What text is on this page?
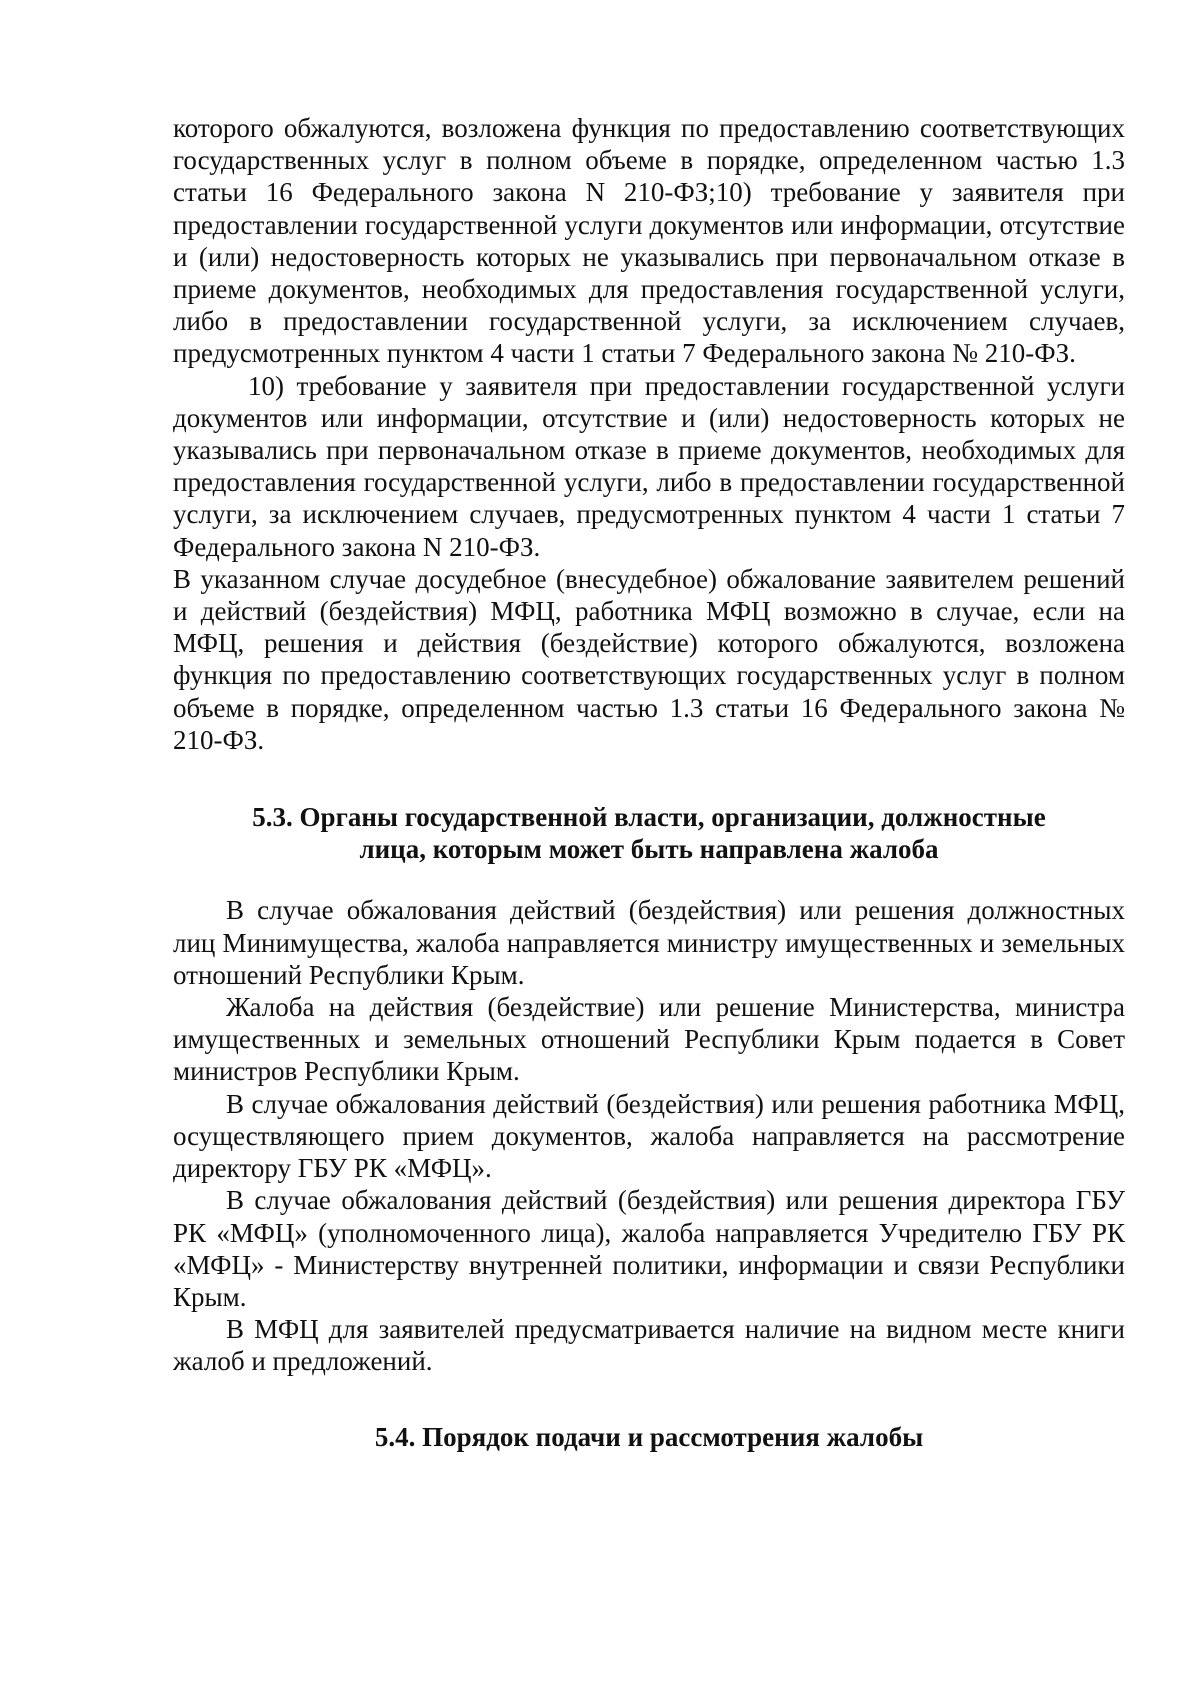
которого обжалуются, возложена функция по предоставлению соответствующих государственных услуг в полном объеме в порядке, определенном частью 1.3 статьи 16 Федерального закона N 210-ФЗ;10) требование у заявителя при предоставлении государственной услуги документов или информации, отсутствие и (или) недостоверность которых не указывались при первоначальном отказе в приеме документов, необходимых для предоставления государственной услуги, либо в предоставлении государственной услуги, за исключением случаев, предусмотренных пунктом 4 части 1 статьи 7 Федерального закона № 210-ФЗ.

10) требование у заявителя при предоставлении государственной услуги документов или информации, отсутствие и (или) недостоверность которых не указывались при первоначальном отказе в приеме документов, необходимых для предоставления государственной услуги, либо в предоставлении государственной услуги, за исключением случаев, предусмотренных пунктом 4 части 1 статьи 7 Федерального закона N 210-ФЗ.

В указанном случае досудебное (внесудебное) обжалование заявителем решений и действий (бездействия) МФЦ, работника МФЦ возможно в случае, если на МФЦ, решения и действия (бездействие) которого обжалуются, возложена функция по предоставлению соответствующих государственных услуг в полном объеме в порядке, определенном частью 1.3 статьи 16 Федерального закона № 210-ФЗ.

5.3. Органы государственной власти, организации, должностные
лица, которым может быть направлена жалоба

В случае обжалования действий (бездействия) или решения должностных лиц Минимущества, жалоба направляется министру имущественных и земельных отношений Республики Крым.

Жалоба на действия (бездействие) или решение Министерства, министра имущественных и земельных отношений Республики Крым подается в Совет министров Республики Крым.

В случае обжалования действий (бездействия) или решения работника МФЦ, осуществляющего прием документов, жалоба направляется на рассмотрение директору ГБУ РК «МФЦ».

В случае обжалования действий (бездействия) или решения директора ГБУ РК «МФЦ» (уполномоченного лица), жалоба направляется Учредителю ГБУ РК «МФЦ» - Министерству внутренней политики, информации и связи Республики Крым.

В МФЦ для заявителей предусматривается наличие на видном месте книги жалоб и предложений.

5.4. Порядок подачи и рассмотрения жалобы
